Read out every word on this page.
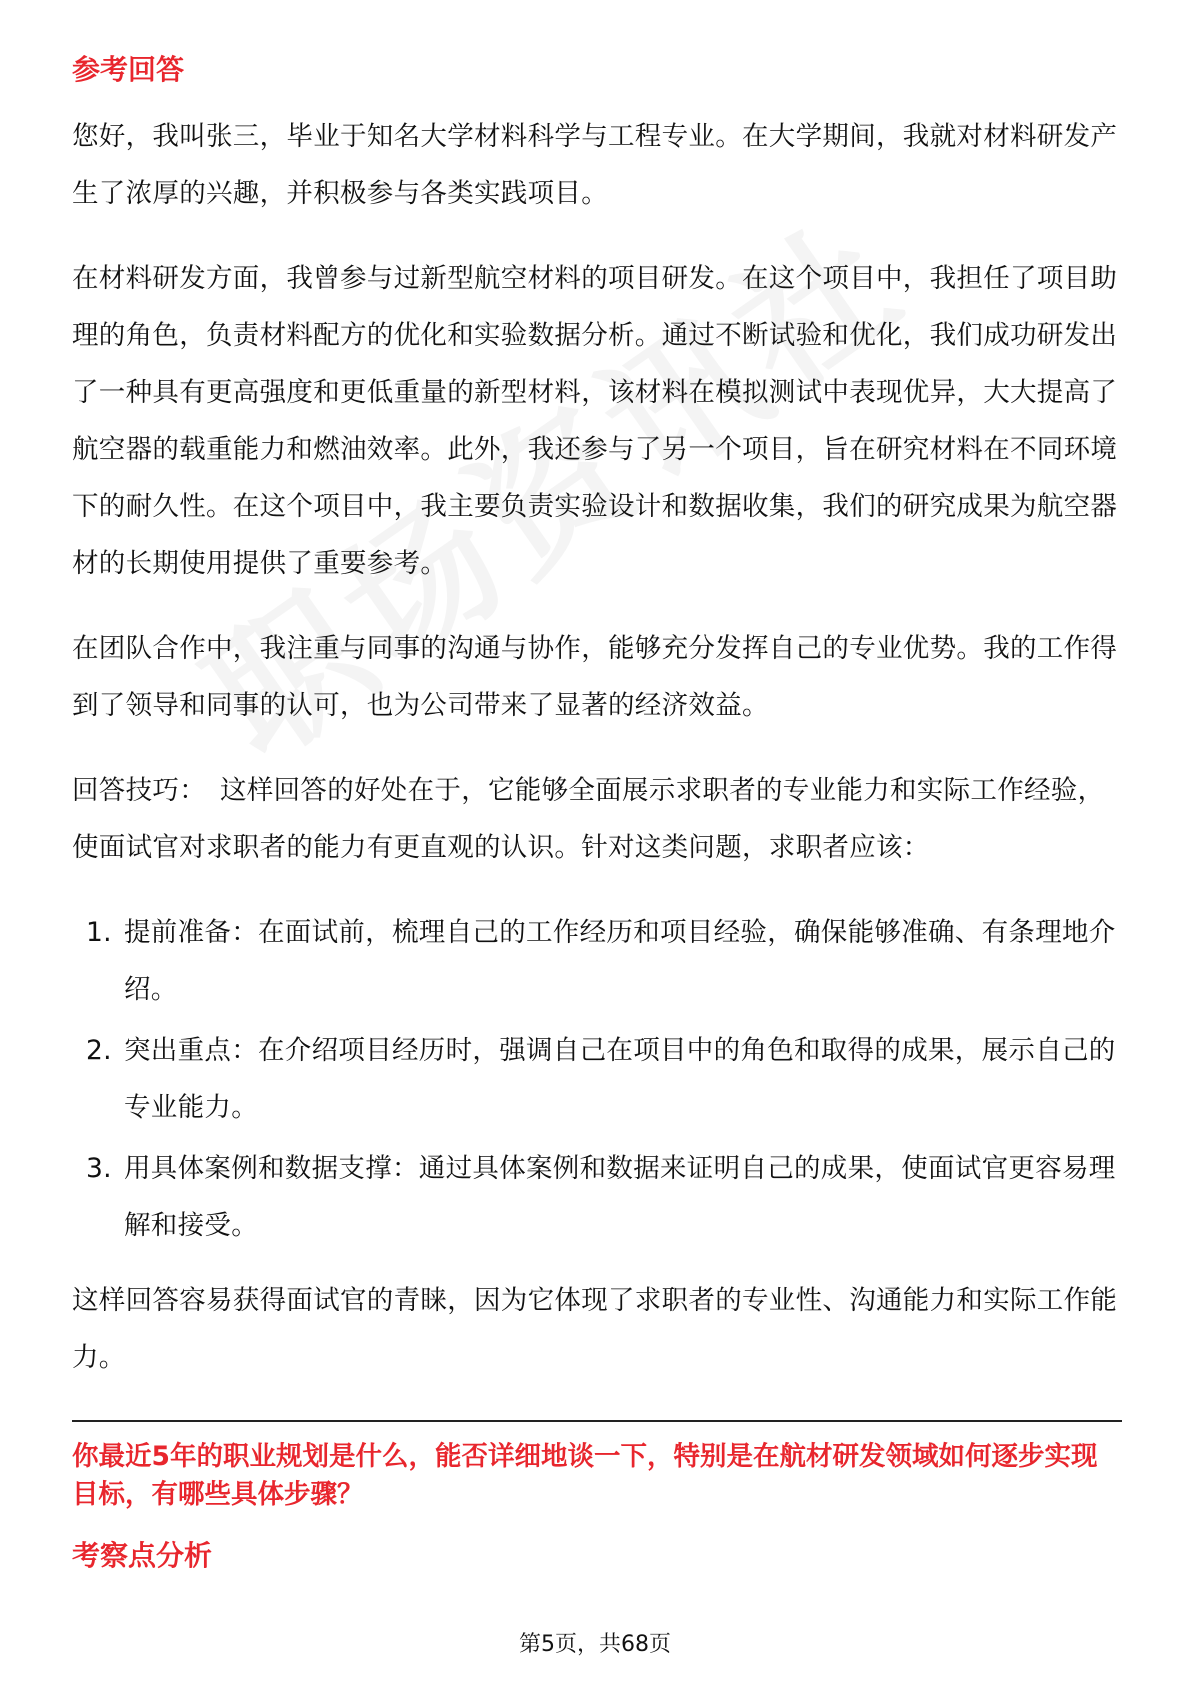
参考回答

您好，我叫张三，毕业于知名大学材料科学与工程专业。在大学期间，我就对材料研发产生了浓厚的兴趣，并积极参与各类实践项目。

在材料研发方面，我曾参与过新型航空材料的项目研发。在这个项目中，我担任了项目助理的角色，负责材料配方的优化和实验数据分析。通过不断试验和优化，我们成功研发出了一种具有更高强度和更低重量的新型材料，该材料在模拟测试中表现优异，大大提高了航空器的载重能力和燃油效率。此外，我还参与了另一个项目，旨在研究材料在不同环境下的耐久性。在这个项目中，我主要负责实验设计和数据收集，我们的研究成果为航空器材的长期使用提供了重要参考。

在团队合作中，我注重与同事的沟通与协作，能够充分发挥自己的专业优势。我的工作得到了领导和同事的认可，也为公司带来了显著的经济效益。

回答技巧： 这样回答的好处在于，它能够全面展示求职者的专业能力和实际工作经验，使面试官对求职者的能力有更直观的认识。针对这类问题，求职者应该：

1. 提前准备：在面试前，梳理自己的工作经历和项目经验，确保能够准确、有条理地介绍。
2. 突出重点：在介绍项目经历时，强调自己在项目中的角色和取得的成果，展示自己的专业能力。
3. 用具体案例和数据支撑：通过具体案例和数据来证明自己的成果，使面试官更容易理解和接受。

这样回答容易获得面试官的青睐，因为它体现了求职者的专业性、沟通能力和实际工作能力。

你最近5年的职业规划是什么，能否详细地谈一下，特别是在航材研发领域如何逐步实现目标，有哪些具体步骤？
考察点分析
第5页，共68页
